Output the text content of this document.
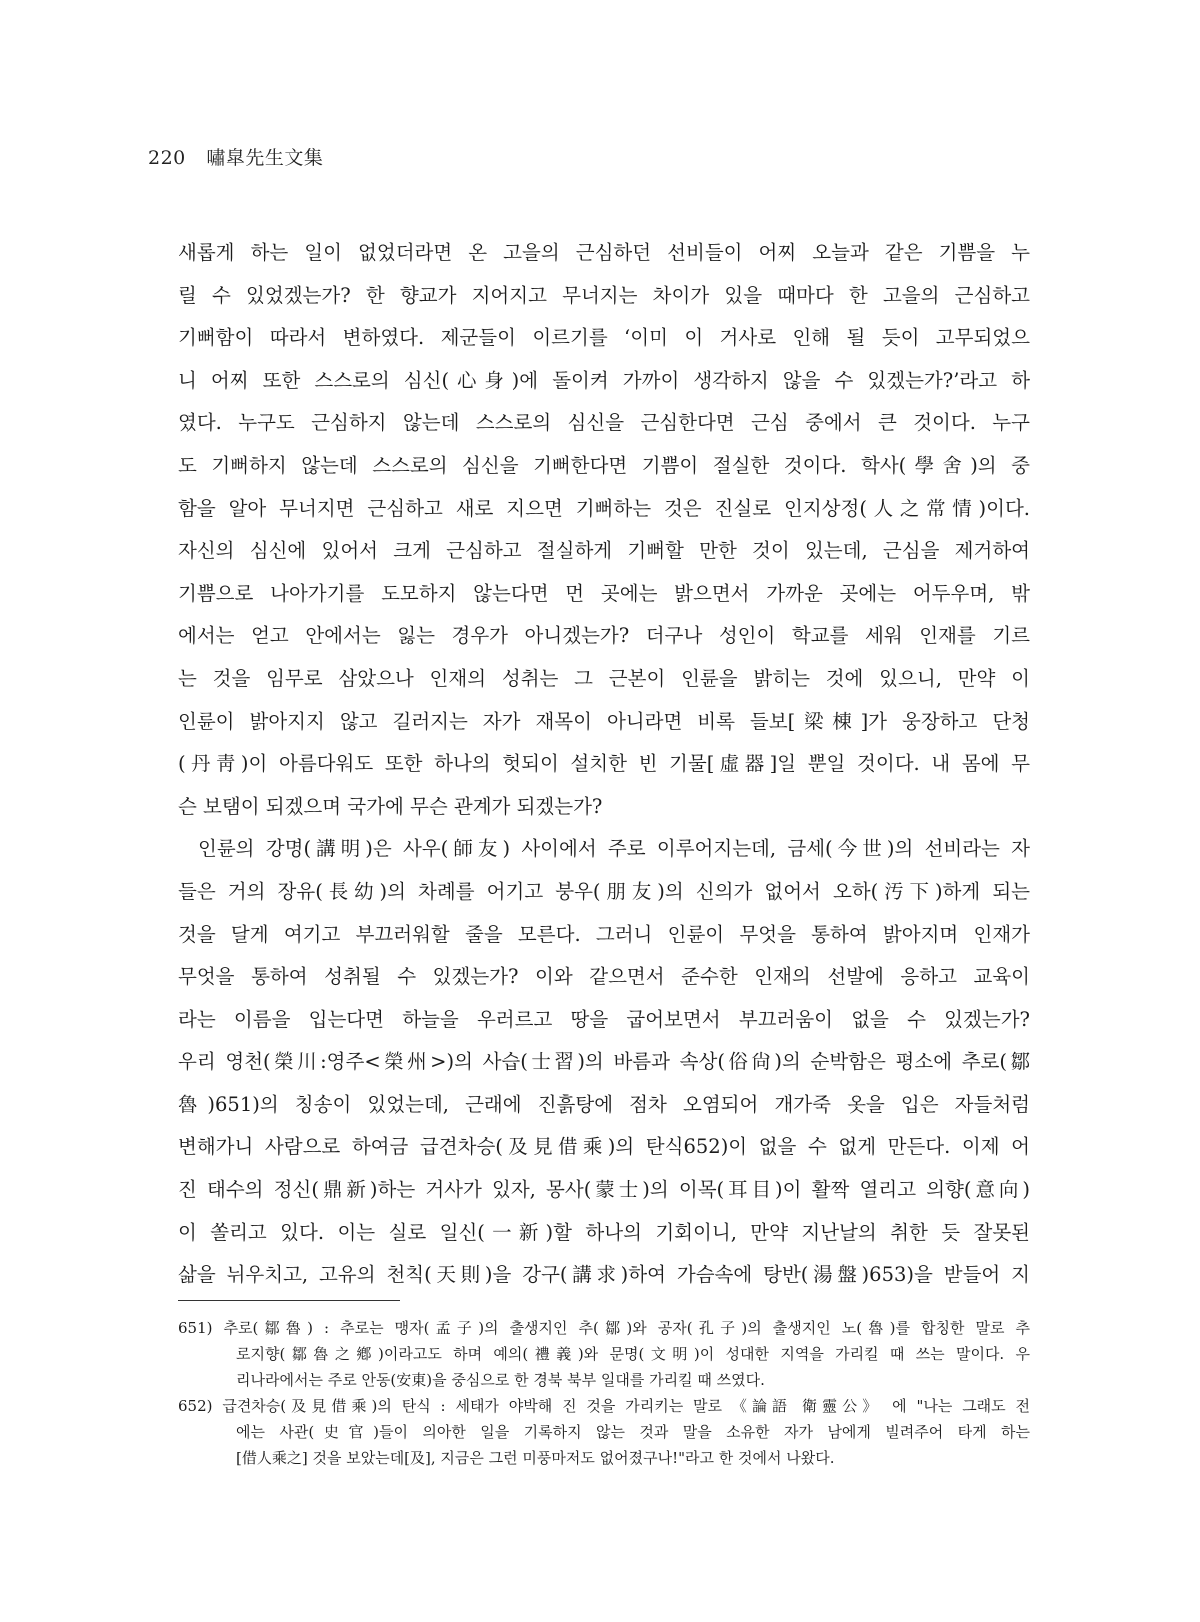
220 嘯皐先生文集
새롭게 하는 일이 없었더라면 온 고을의 근심하던 선비들이 어찌 오늘과 같은 기쁨을 누
릴 수 있었겠는가? 한 향교가 지어지고 무너지는 차이가 있을 때마다 한 고을의 근심하고
기뻐함이 따라서 변하였다. 제군들이 이르기를 ‘이미 이 거사로 인해 될 듯이 고무되었으
니 어찌 또한 스스로의 심신(心身)에 돌이켜 가까이 생각하지 않을 수 있겠는가?’라고 하
였다. 누구도 근심하지 않는데 스스로의 심신을 근심한다면 근심 중에서 큰 것이다. 누구
도 기뻐하지 않는데 스스로의 심신을 기뻐한다면 기쁨이 절실한 것이다. 학사(學舍)의 중
함을 알아 무너지면 근심하고 새로 지으면 기뻐하는 것은 진실로 인지상정(人之常情)이다.
자신의 심신에 있어서 크게 근심하고 절실하게 기뻐할 만한 것이 있는데, 근심을 제거하여
기쁨으로 나아가기를 도모하지 않는다면 먼 곳에는 밝으면서 가까운 곳에는 어두우며, 밖
에서는 얻고 안에서는 잃는 경우가 아니겠는가? 더구나 성인이 학교를 세워 인재를 기르
는 것을 임무로 삼았으나 인재의 성취는 그 근본이 인륜을 밝히는 것에 있으니, 만약 이
인륜이 밝아지지 않고 길러지는 자가 재목이 아니라면 비록 들보[梁棟]가 웅장하고 단청
(丹靑)이 아름다워도 또한 하나의 헛되이 설치한 빈 기물[虛器]일 뿐일 것이다. 내 몸에 무
슨 보탬이 되겠으며 국가에 무슨 관계가 되겠는가?
인륜의 강명(講明)은 사우(師友) 사이에서 주로 이루어지는데, 금세(今世)의 선비라는 자
들은 거의 장유(長幼)의 차례를 어기고 붕우(朋友)의 신의가 없어서 오하(汚下)하게 되는
것을 달게 여기고 부끄러워할 줄을 모른다. 그러니 인륜이 무엇을 통하여 밝아지며 인재가
무엇을 통하여 성취될 수 있겠는가? 이와 같으면서 준수한 인재의 선발에 응하고 교육이
라는 이름을 입는다면 하늘을 우러르고 땅을 굽어보면서 부끄러움이 없을 수 있겠는가?
우리 영천(榮川:영주<榮州>)의 사습(士習)의 바름과 속상(俗尙)의 순박함은 평소에 추로(鄒
魯)651)의 칭송이 있었는데, 근래에 진흙탕에 점차 오염되어 개가죽 옷을 입은 자들처럼
변해가니 사람으로 하여금 급견차승(及見借乘)의 탄식652)이 없을 수 없게 만든다. 이제 어
진 태수의 정신(鼎新)하는 거사가 있자, 몽사(蒙士)의 이목(耳目)이 활짝 열리고 의향(意向)
이 쏠리고 있다. 이는 실로 일신(一新)할 하나의 기회이니, 만약 지난날의 취한 듯 잘못된
삶을 뉘우치고, 고유의 천칙(天則)을 강구(講求)하여 가슴속에 탕반(湯盤)653)을 받들어 지
651) 추로(鄒魯) : 추로는 맹자(孟子)의 출생지인 추(鄒)와 공자(孔子)의 출생지인 노(魯)를 합칭한 말로 추
로지향(鄒魯之鄕)이라고도 하며 예의(禮義)와 문명(文明)이 성대한 지역을 가리킬 때 쓰는 말이다. 우
리나라에서는 주로 안동(安東)을 중심으로 한 경북 북부 일대를 가리킬 때 쓰였다.
652) 급견차승(及見借乘)의 탄식 : 세태가 야박해 진 것을 가리키는 말로 《論語 衛靈公》 에 "나는 그래도 전
에는 사관(史官)들이 의아한 일을 기록하지 않는 것과 말을 소유한 자가 남에게 빌려주어 타게 하는
[借人乘之] 것을 보았는데[及], 지금은 그런 미풍마저도 없어졌구나!"라고 한 것에서 나왔다.
